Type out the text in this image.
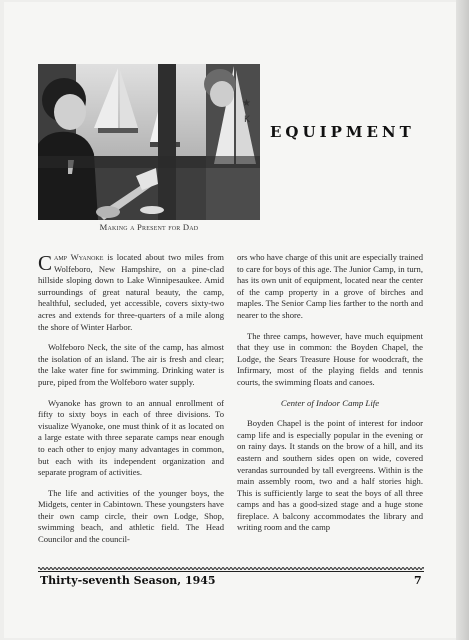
★
K
Making a Present for Dad
EQUIPMENT

Camp Wyanoke is located about two miles from Wolfeboro, New Hampshire, on a pine-clad hillside sloping down to Lake Winnipesaukee. Amid surroundings of great natural beauty, the camp, healthful, secluded, yet accessible, covers sixty-two acres and extends for three-quarters of a mile along the shore of Winter Harbor.

Wolfeboro Neck, the site of the camp, has almost the isolation of an island. The air is fresh and clear; the lake water fine for swimming. Drinking water is pure, piped from the Wolfeboro water supply.

Wyanoke has grown to an annual enrollment of fifty to sixty boys in each of three divisions. To visualize Wyanoke, one must think of it as located on a large estate with three separate camps near enough to each other to enjoy many advantages in common, but each with its independent organization and separate program of activities.

The life and activities of the younger boys, the Midgets, center in Cabintown. These youngsters have their own camp circle, their own Lodge, Shop, swimming beach, and athletic field. The Head Councilor and the council-

ors who have charge of this unit are especially trained to care for boys of this age. The Junior Camp, in turn, has its own unit of equipment, located near the center of the camp property in a grove of birches and maples. The Senior Camp lies farther to the north and nearer to the shore.

The three camps, however, have much equipment that they use in common: the Boyden Chapel, the Lodge, the Sears Treasure House for woodcraft, the Infirmary, most of the playing fields and tennis courts, the swimming floats and canoes.

Center of Indoor Camp Life

Boyden Chapel is the point of interest for indoor camp life and is especially popular in the evening or on rainy days. It stands on the brow of a hill, and its eastern and southern sides open on wide, covered verandas surrounded by tall evergreens. Within is the main assembly room, two and a half stories high. This is sufficiently large to seat the boys of all three camps and has a good-sized stage and a huge stone fireplace. A balcony accommodates the library and writing room and the camp

Thirty-seventh Season, 1945	7
